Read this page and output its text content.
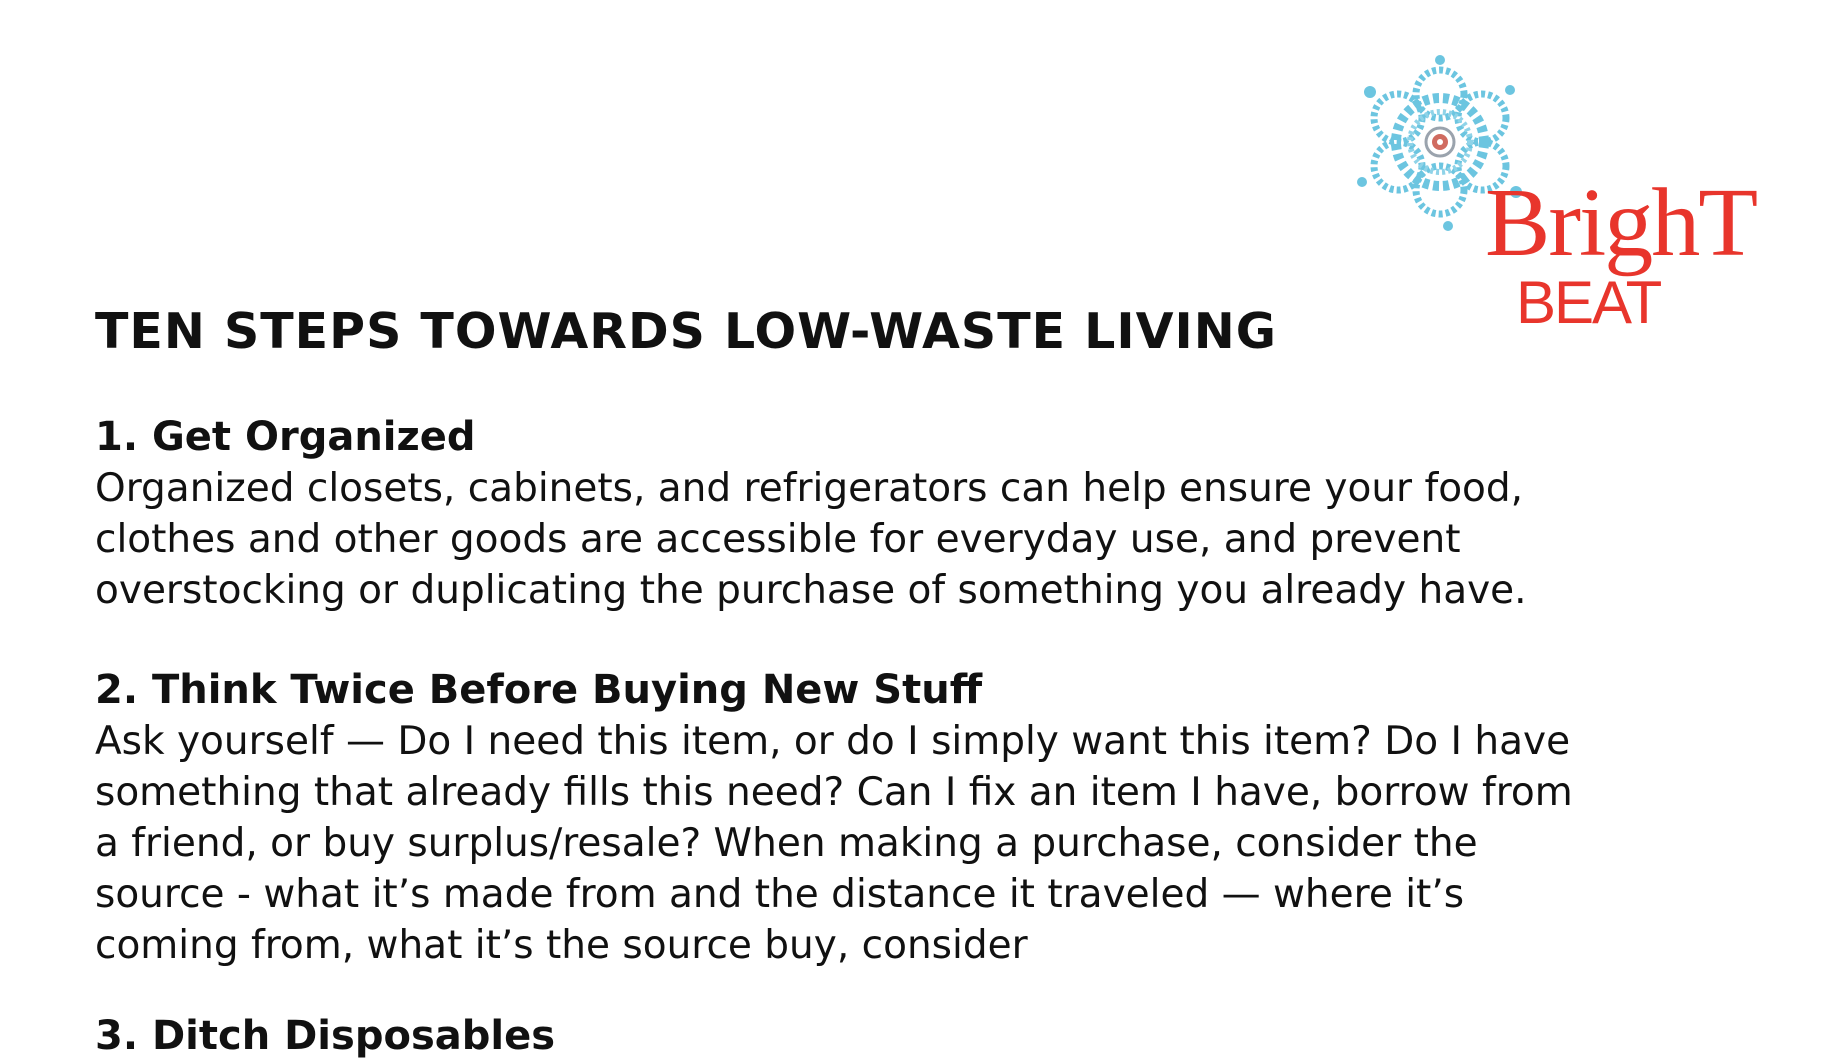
BrighT
BEAT
TEN STEPS TOWARDS LOW-WASTE LIVING
1. Get Organized

Organized closets, cabinets, and refrigerators can help ensure your food,
clothes and other goods are accessible for everyday use, and prevent
overstocking or duplicating the purchase of something you already have.

2. Think Twice Before Buying New Stuff

Ask yourself — Do I need this item, or do I simply want this item? Do I have
something that already fills this need? Can I fix an item I have, borrow from
a friend, or buy surplus/resale? When making a purchase, consider the
source - what it’s made from and the distance it traveled — where it’s
coming from, what it’s the source buy, consider

3. Ditch Disposables
